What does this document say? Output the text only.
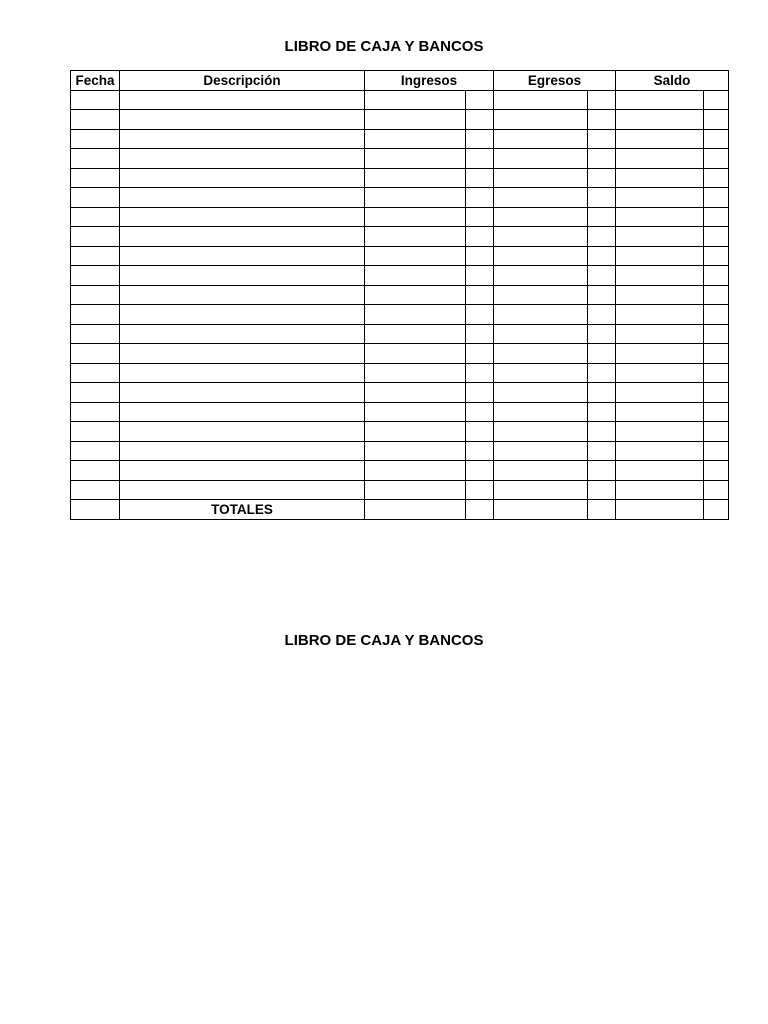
LIBRO DE CAJA Y BANCOS
Fecha	Descripción	Ingresos		Egresos		Saldo	

	TOTALES						
LIBRO DE CAJA Y BANCOS
